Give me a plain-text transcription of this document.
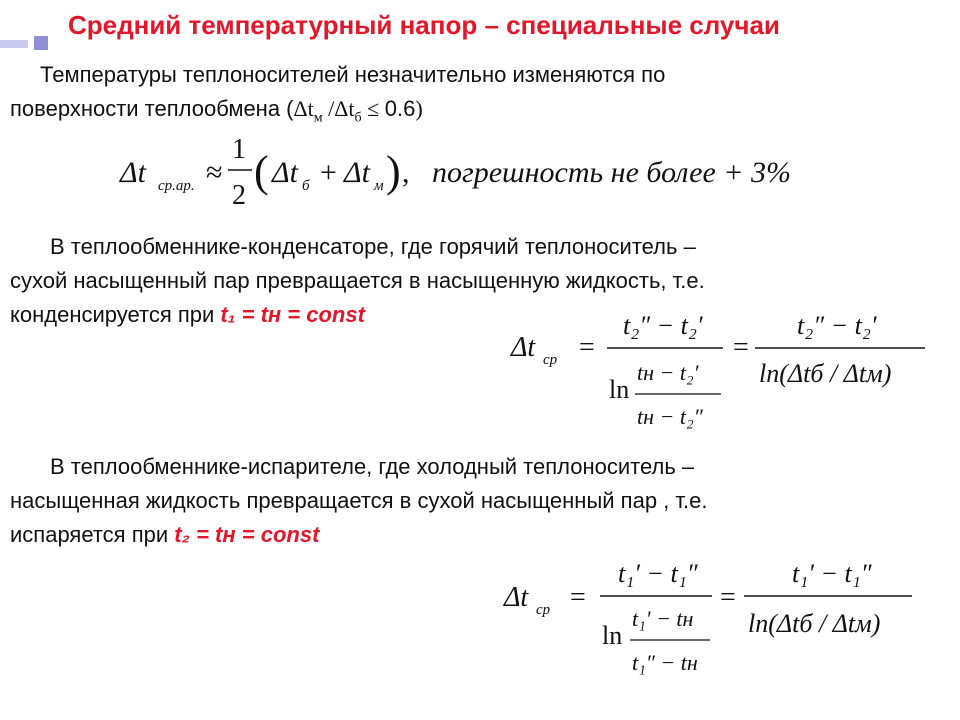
Средний температурный напор – специальные случаи
Температуры теплоносителей незначительно изменяются по
поверхности теплообмена ($\Delta t_м$ $/\Delta t_б \le 0.6$)
Δt ср.ар. ≈
1
2 ( Δt б + Δt м ) , погрешность не более + 3%
В теплообменнике-конденсаторе, где горячий теплоноситель –
сухой насыщенный пар превращается в насыщенную жидкость, т.е.
конденсируется при t₁ = tн = const
Δt ср =
t₂″ − t₂′
ln
tн − t₂′
tн − t₂″
=
t₂″ − t₂′
ln(Δtб / Δtм)
В теплообменнике-испарителе, где холодный теплоноситель –
насыщенная жидкость превращается в сухой насыщенный пар , т.е.
испаряется при t₂ = tн = const
Δt ср =
t₁′ − t₁″
ln
t₁′ − tн
t₁″ − tн
=
t₁′ − t₁″
ln(Δtб / Δtм)
